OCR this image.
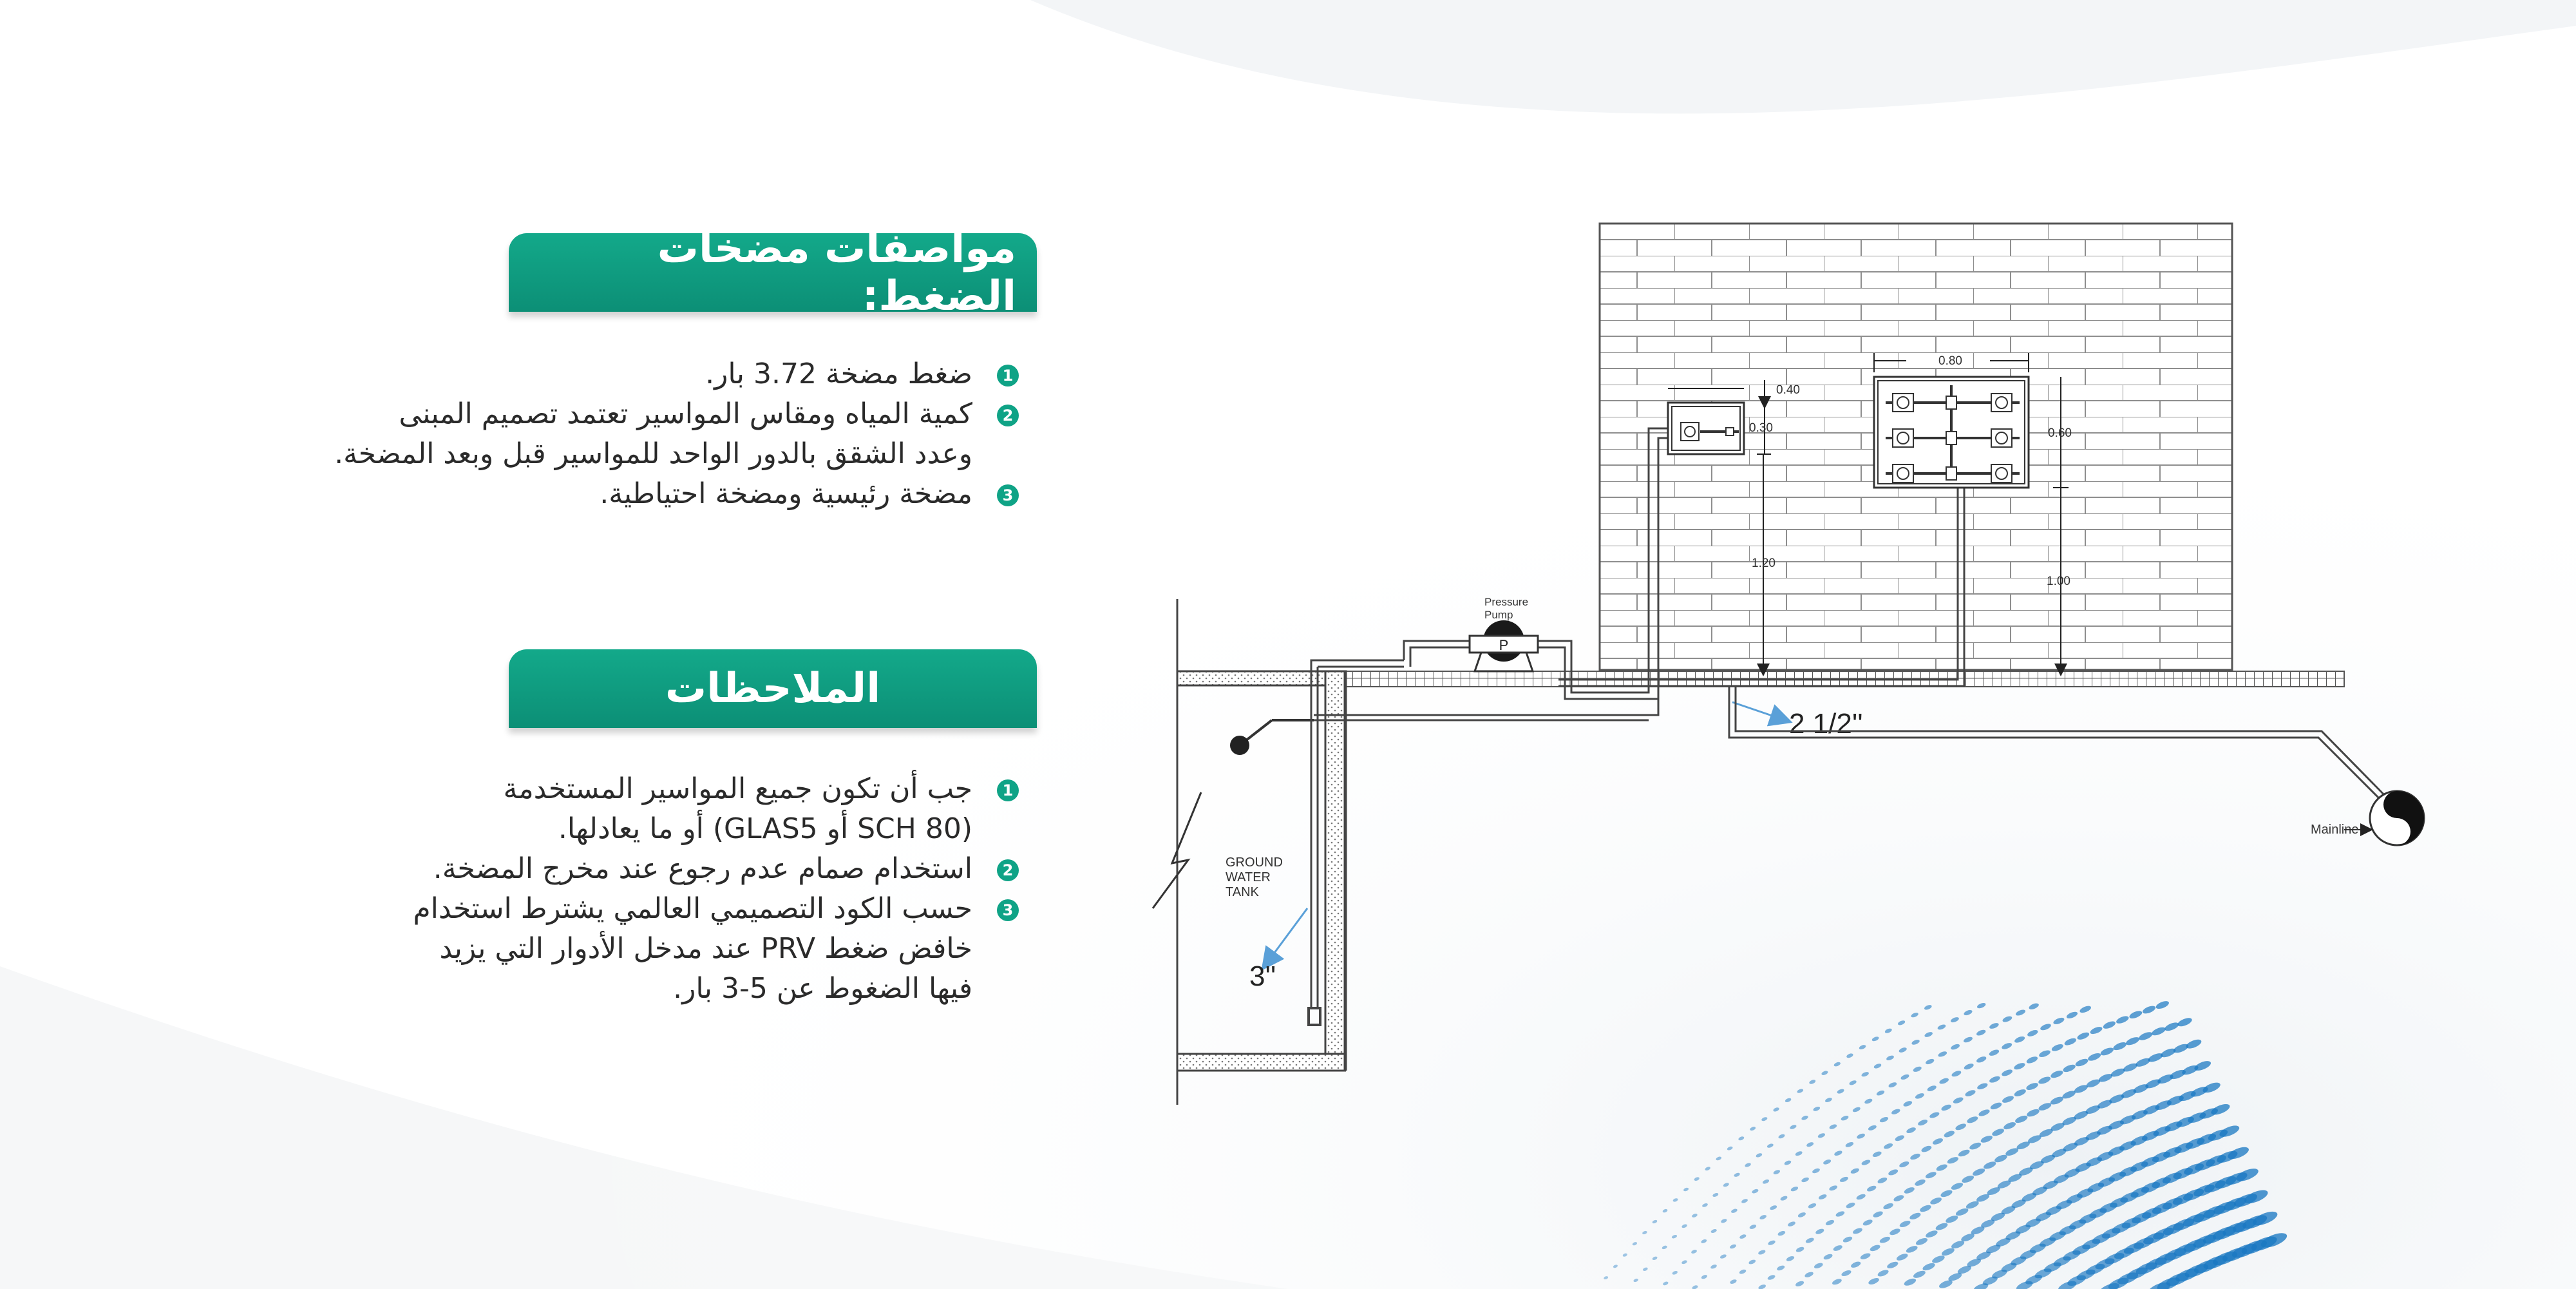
مواصفات مضخات الضغط:
1
ضغط مضخة 3.72 بار.
2
كمية المياه ومقاس المواسير تعتمد تصميم المبنى
وعدد الشقق بالدور الواحد للمواسير قبل وبعد المضخة.
3
مضخة رئيسية ومضخة احتياطية.
الملاحظات
1
جب أن تكون جميع المواسير المستخدمة
(SCH 80 أو GLAS5) أو ما يعادلها.
2
استخدام صمام عدم رجوع عند مخرج المضخة.
3
حسب الكود التصميمي العالمي يشترط استخدام
خافض ضغط PRV عند مدخل الأدوار التي يزيد
فيها الضغوط عن 5-3 بار.
P
Pressure
Pump
0.40
0.30
0.80
0.60
1.20
1.00
2 1/2''
3''
GROUND
WATER
TANK
Mainline
